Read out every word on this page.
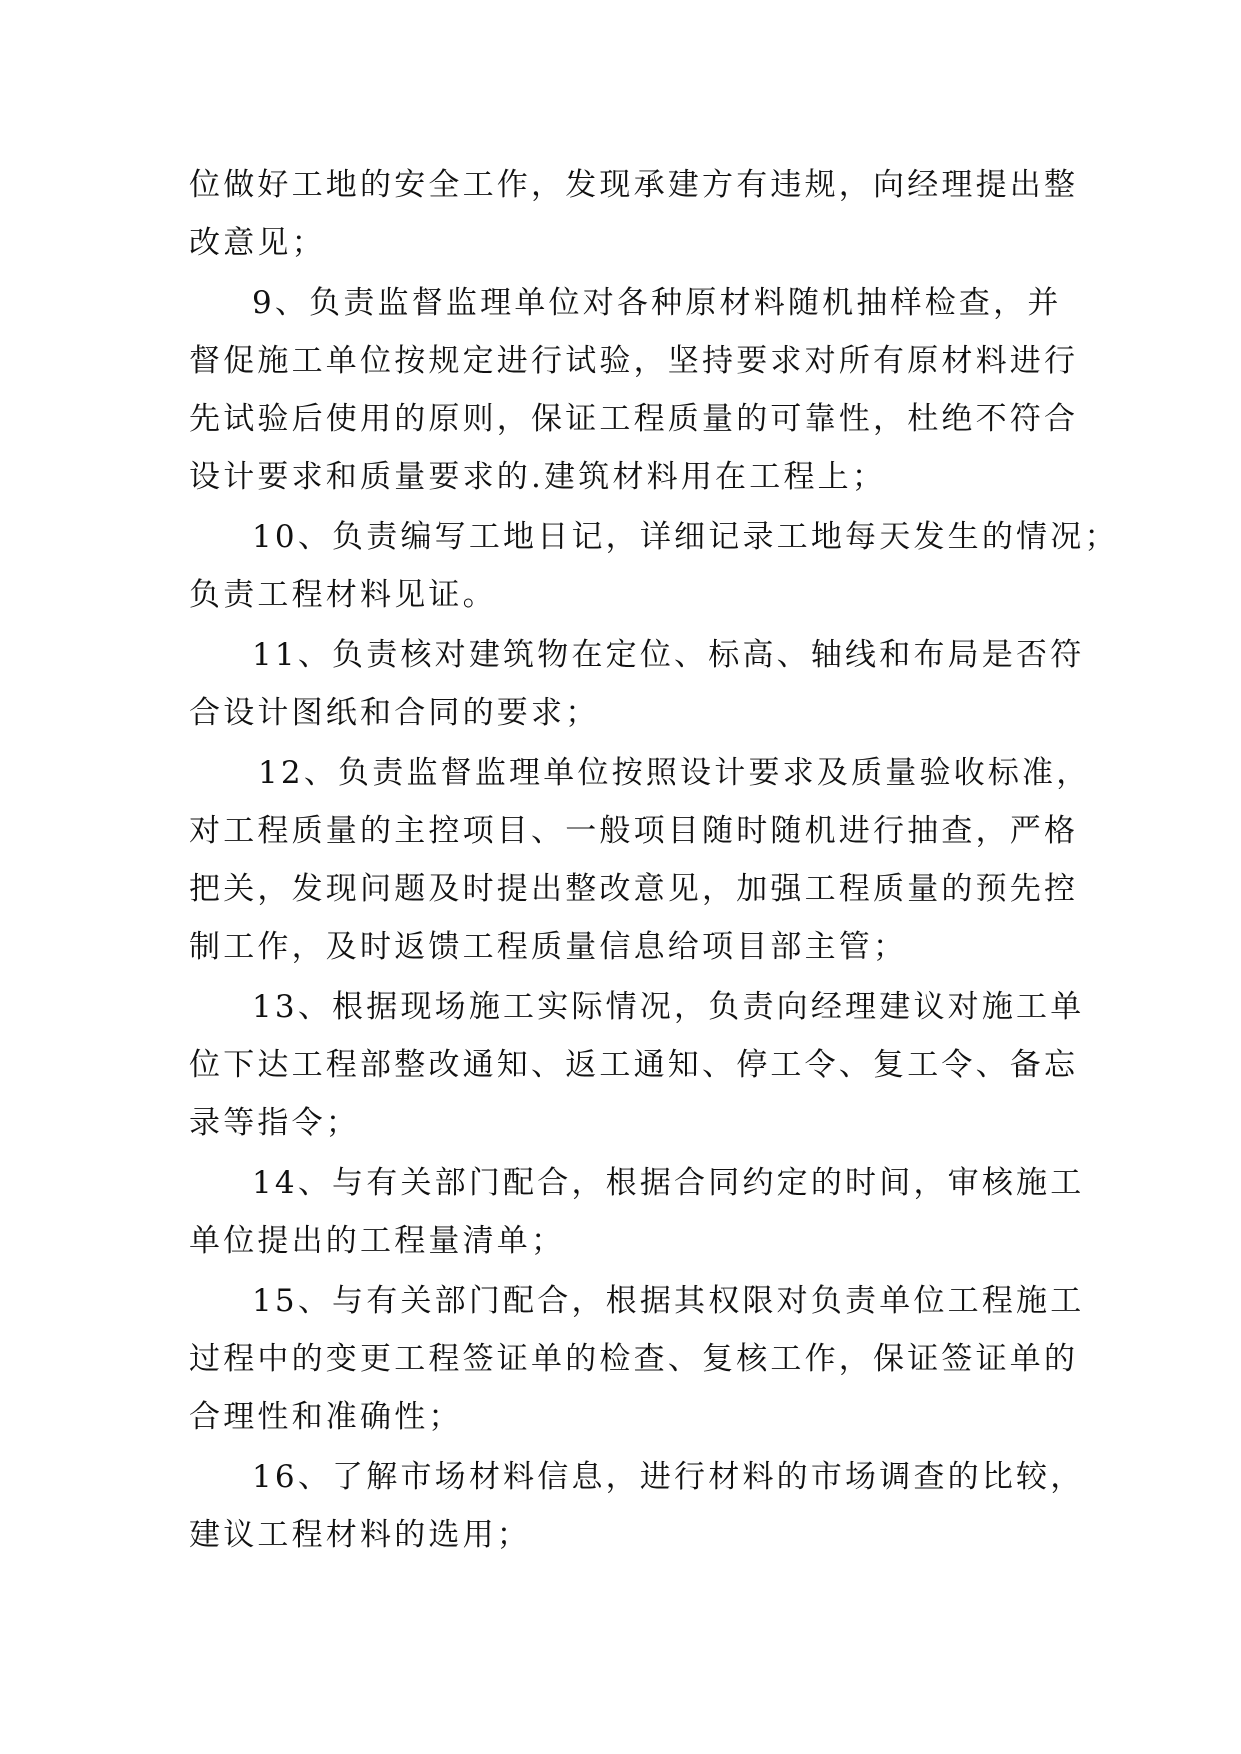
位做好工地的安全工作，发现承建方有违规，向经理提出整
改意见；
9、负责监督监理单位对各种原材料随机抽样检查，并
督促施工单位按规定进行试验，坚持要求对所有原材料进行
先试验后使用的原则，保证工程质量的可靠性，杜绝不符合
设计要求和质量要求的.建筑材料用在工程上；
10、负责编写工地日记，详细记录工地每天发生的情况；
负责工程材料见证。
11、负责核对建筑物在定位、标高、轴线和布局是否符
合设计图纸和合同的要求；
12、负责监督监理单位按照设计要求及质量验收标准，
对工程质量的主控项目、一般项目随时随机进行抽查，严格
把关，发现问题及时提出整改意见，加强工程质量的预先控
制工作，及时返馈工程质量信息给项目部主管；
13、根据现场施工实际情况，负责向经理建议对施工单
位下达工程部整改通知、返工通知、停工令、复工令、备忘
录等指令；
14、与有关部门配合，根据合同约定的时间，审核施工
单位提出的工程量清单；
15、与有关部门配合，根据其权限对负责单位工程施工
过程中的变更工程签证单的检查、复核工作，保证签证单的
合理性和准确性；
16、了解市场材料信息，进行材料的市场调查的比较，
建议工程材料的选用；
